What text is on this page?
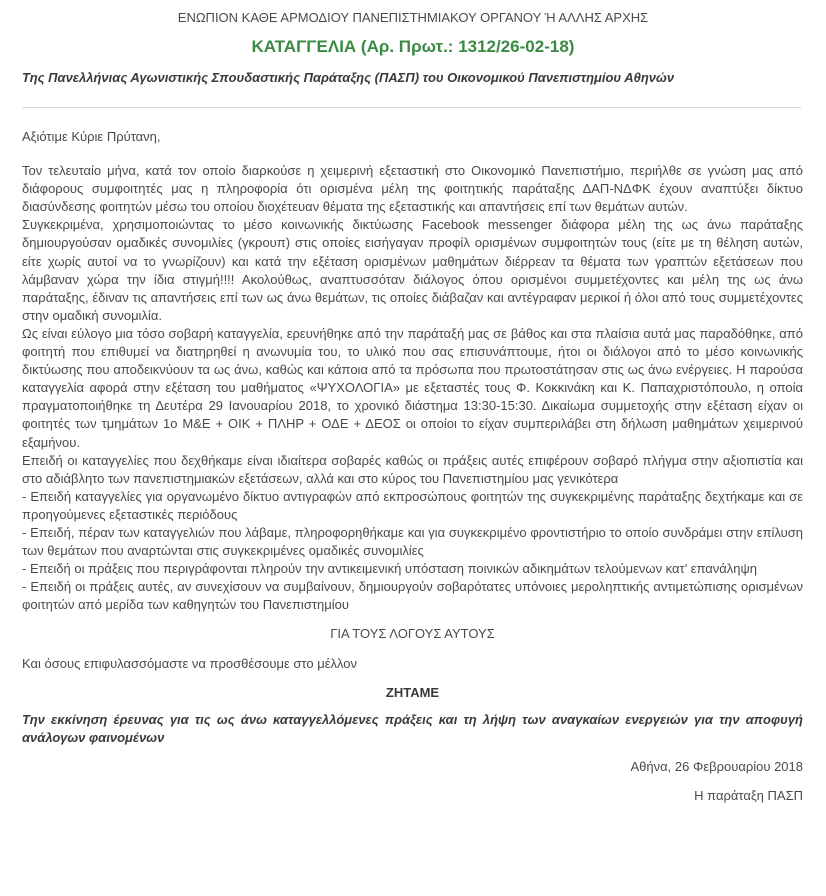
ΕΝΩΠΙΟΝ ΚΑΘΕ ΑΡΜΟΔΙΟΥ ΠΑΝΕΠΙΣΤΗΜΙΑΚΟΥ ΟΡΓΑΝΟΥ Ή ΑΛΛΗΣ ΑΡΧΗΣ
ΚΑΤΑΓΓΕΛΙΑ (Αρ. Πρωτ.: 1312/26-02-18)
Της Πανελλήνιας Αγωνιστικής Σπουδαστικής Παράταξης (ΠΑΣΠ) του Οικονομικού Πανεπιστημίου Αθηνών

Αξιότιμε Κύριε Πρύτανη,

Τον τελευταίο μήνα, κατά τον οποίο διαρκούσε η χειμερινή εξεταστική στο Οικονομικό Πανεπιστήμιο, περιήλθε σε γνώση μας από διάφορους συμφοιτητές μας η πληροφορία ότι ορισμένα μέλη της φοιτητικής παράταξης ΔΑΠ-ΝΔΦΚ έχουν αναπτύξει δίκτυο διασύνδεσης φοιτητών μέσω του οποίου διοχέτευαν θέματα της εξεταστικής και απαντήσεις επί των θεμάτων αυτών.

Συγκεκριμένα, χρησιμοποιώντας το μέσο κοινωνικής δικτύωσης Facebook messenger διάφορα μέλη της ως άνω παράταξης δημιουργούσαν ομαδικές συνομιλίες (γκρουπ) στις οποίες εισήγαγαν προφίλ ορισμένων συμφοιτητών τους (είτε με τη θέληση αυτών, είτε χωρίς αυτοί να το γνωρίζουν) και κατά την εξέταση ορισμένων μαθημάτων διέρρεαν τα θέματα των γραπτών εξετάσεων που λάμβαναν χώρα την ίδια στιγμή!!!! Ακολούθως, αναπτυσσόταν διάλογος όπου ορισμένοι συμμετέχοντες και μέλη της ως άνω παράταξης, έδιναν τις απαντήσεις επί των ως άνω θεμάτων, τις οποίες διάβαζαν και αντέγραφαν μερικοί ή όλοι από τους συμμετέχοντες στην ομαδική συνομιλία.

Ως είναι εύλογο μια τόσο σοβαρή καταγγελία, ερευνήθηκε από την παράταξή μας σε βάθος και στα πλαίσια αυτά μας παραδόθηκε, από φοιτητή που επιθυμεί να διατηρηθεί η ανωνυμία του, το υλικό που σας επισυνάπτουμε, ήτοι οι διάλογοι από το μέσο κοινωνικής δικτύωσης που αποδεικνύουν τα ως άνω, καθώς και κάποια από τα πρόσωπα που πρωτοστάτησαν στις ως άνω ενέργειες. Η παρούσα καταγγελία αφορά στην εξέταση του μαθήματος «ΨΥΧΟΛΟΓΙΑ» με εξεταστές τους Φ. Κοκκινάκη και Κ. Παπαχριστόπουλο, η οποία πραγματοποιήθηκε τη Δευτέρα 29 Ιανουαρίου 2018, το χρονικό διάστημα 13:30-15:30. Δικαίωμα συμμετοχής στην εξέταση είχαν οι φοιτητές των τμημάτων 1ο Μ&Ε + ΟΙΚ + ΠΛΗΡ + ΟΔΕ + ΔΕΟΣ οι οποίοι το είχαν συμπεριλάβει στη δήλωση μαθημάτων χειμερινού εξαμήνου.

Επειδή οι καταγγελίες που δεχθήκαμε είναι ιδιαίτερα σοβαρές καθώς οι πράξεις αυτές επιφέρουν σοβαρό πλήγμα στην αξιοπιστία και στο αδιάβλητο των πανεπιστημιακών εξετάσεων, αλλά και στο κύρος του Πανεπιστημίου μας γενικότερα

- Επειδή καταγγελίες για οργανωμένο δίκτυο αντιγραφών από εκπροσώπους φοιτητών της συγκεκριμένης παράταξης δεχτήκαμε και σε προηγούμενες εξεταστικές περιόδους

- Επειδή, πέραν των καταγγελιών που λάβαμε, πληροφορηθήκαμε και για συγκεκριμένο φροντιστήριο το οποίο συνδράμει στην επίλυση των θεμάτων που αναρτώνται στις συγκεκριμένες ομαδικές συνομιλίες

- Επειδή οι πράξεις που περιγράφονται πληρούν την αντικειμενική υπόσταση ποινικών αδικημάτων τελούμενων κατ’ επανάληψη

- Επειδή οι πράξεις αυτές, αν συνεχίσουν να συμβαίνουν, δημιουργούν σοβαρότατες υπόνοιες μεροληπτικής αντιμετώπισης ορισμένων φοιτητών από μερίδα των καθηγητών του Πανεπιστημίου

ΓΙΑ ΤΟΥΣ ΛΟΓΟΥΣ ΑΥΤΟΥΣ

Και όσους επιφυλασσόμαστε να προσθέσουμε στο μέλλον

ΖΗΤΑΜΕ

Την εκκίνηση έρευνας για τις ως άνω καταγγελλόμενες πράξεις και τη λήψη των αναγκαίων ενεργειών για την αποφυγή ανάλογων φαινομένων

Αθήνα, 26 Φεβρουαρίου 2018

Η παράταξη ΠΑΣΠ
